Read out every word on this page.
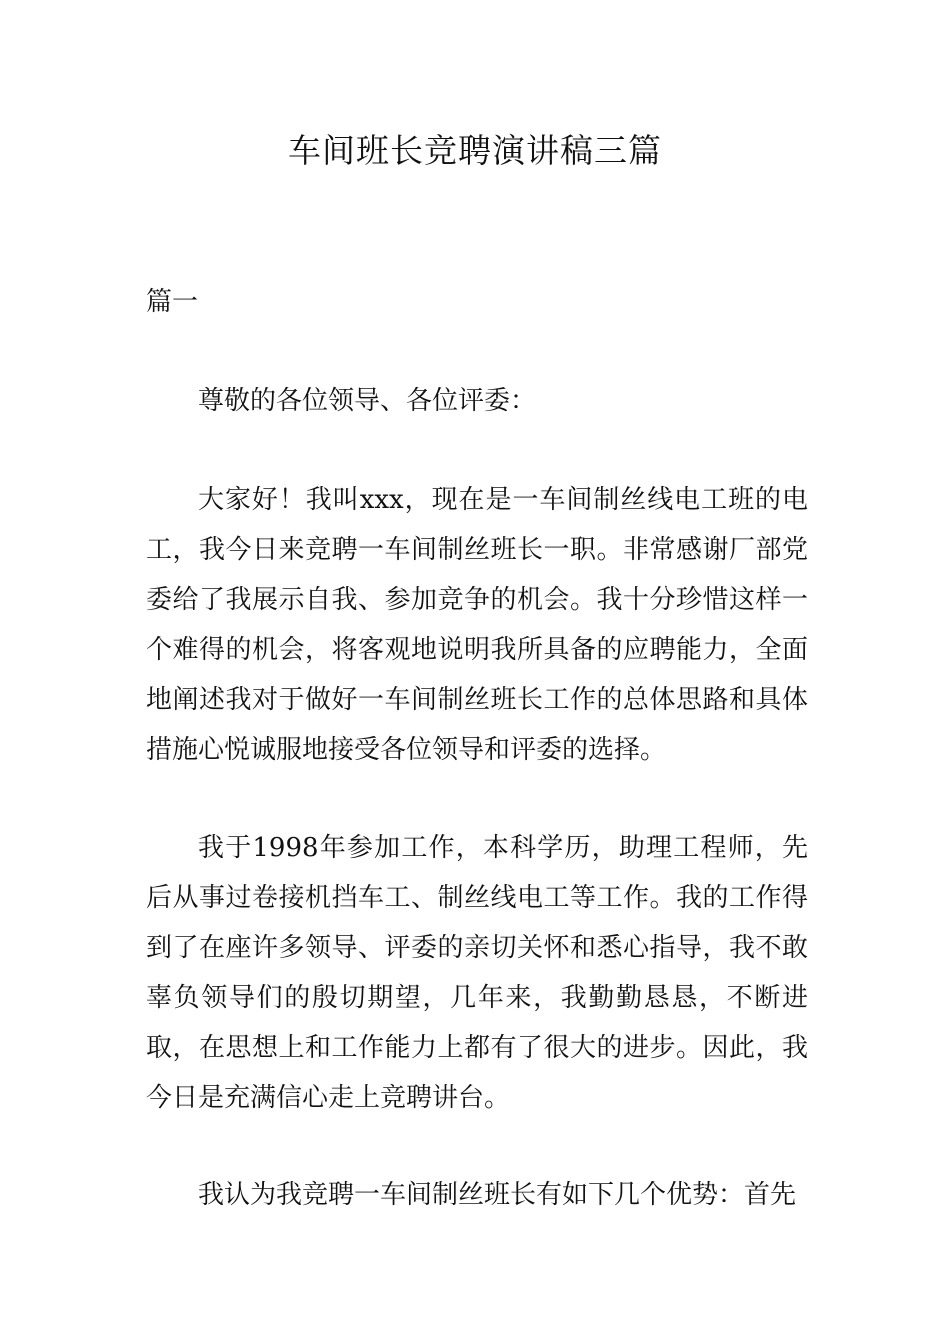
车间班长竞聘演讲稿三篇

篇一

尊敬的各位领导、各位评委：

大家好！我叫xxx，现在是一车间制丝线电工班的电工，我今日来竞聘一车间制丝班长一职。非常感谢厂部党委给了我展示自我、参加竞争的机会。我十分珍惜这样一个难得的机会，将客观地说明我所具备的应聘能力，全面地阐述我对于做好一车间制丝班长工作的总体思路和具体措施心悦诚服地接受各位领导和评委的选择。

我于1998年参加工作，本科学历，助理工程师，先后从事过卷接机挡车工、制丝线电工等工作。我的工作得到了在座许多领导、评委的亲切关怀和悉心指导，我不敢辜负领导们的殷切期望，几年来，我勤勤恳恳，不断进取，在思想上和工作能力上都有了很大的进步。因此，我今日是充满信心走上竞聘讲台。

我认为我竞聘一车间制丝班长有如下几个优势：首先
